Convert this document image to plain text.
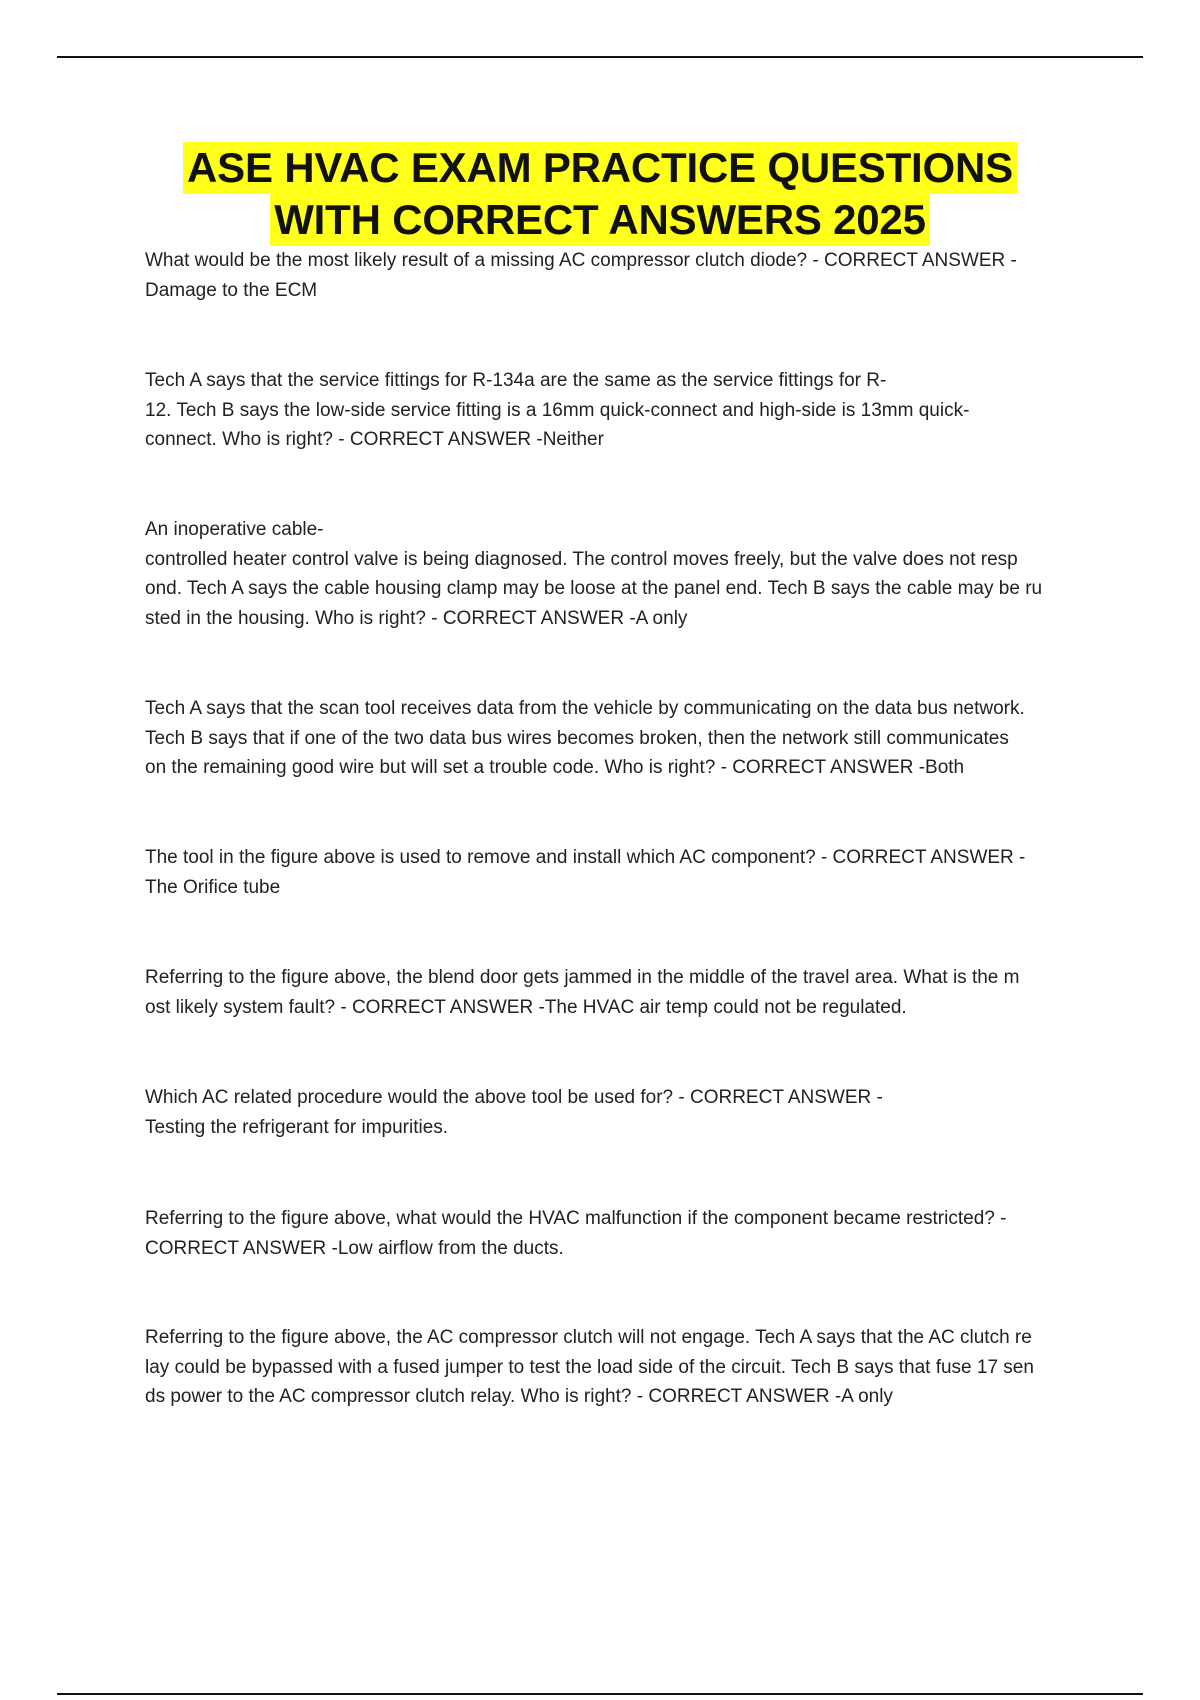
ASE HVAC EXAM PRACTICE QUESTIONS
WITH CORRECT ANSWERS 2025

What would be the most likely result of a missing AC compressor clutch diode? - CORRECT ANSWER -
Damage to the ECM

Tech A says that the service fittings for R-134a are the same as the service fittings for R-
12. Tech B says the low-side service fitting is a 16mm quick-connect and high-side is 13mm quick-
connect. Who is right? - CORRECT ANSWER -Neither

An inoperative cable-
controlled heater control valve is being diagnosed. The control moves freely, but the valve does not resp
ond. Tech A says the cable housing clamp may be loose at the panel end. Tech B says the cable may be ru
sted in the housing. Who is right? - CORRECT ANSWER -A only

Tech A says that the scan tool receives data from the vehicle by communicating on the data bus network.
Tech B says that if one of the two data bus wires becomes broken, then the network still communicates
on the remaining good wire but will set a trouble code. Who is right? - CORRECT ANSWER -Both

The tool in the figure above is used to remove and install which AC component? - CORRECT ANSWER -
The Orifice tube

Referring to the figure above, the blend door gets jammed in the middle of the travel area. What is the m
ost likely system fault? - CORRECT ANSWER -The HVAC air temp could not be regulated.

Which AC related procedure would the above tool be used for? - CORRECT ANSWER -
Testing the refrigerant for impurities.

Referring to the figure above, what would the HVAC malfunction if the component became restricted? -
CORRECT ANSWER -Low airflow from the ducts.

Referring to the figure above, the AC compressor clutch will not engage. Tech A says that the AC clutch re
lay could be bypassed with a fused jumper to test the load side of the circuit. Tech B says that fuse 17 sen
ds power to the AC compressor clutch relay. Who is right? - CORRECT ANSWER -A only
